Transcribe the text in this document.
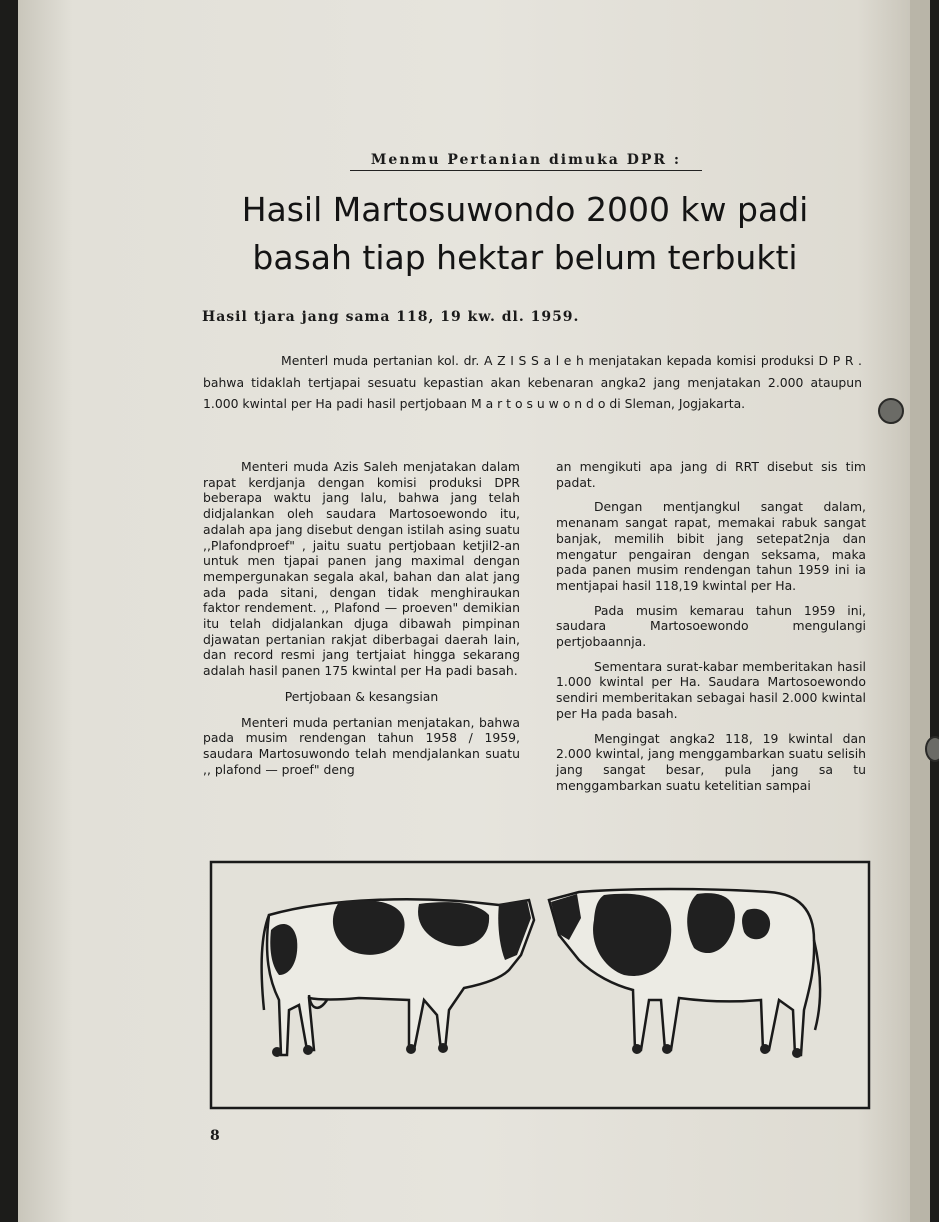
Menmu Pertanian dimuka DPR :
Hasil Martosuwondo 2000 kw padi
basah tiap hektar belum terbukti
Hasil tjara jang sama 118, 19 kw. dl. 1959.

Menterl muda pertanian kol. dr. A Z I S S a l e h menjatakan kepada komisi produksi D P R . bahwa tidaklah tertjapai sesuatu kepastian akan kebenaran angka2 jang menjatakan 2.000 ataupun 1.000 kwintal per Ha padi hasil pertjobaan M a r t o s u w o n d o di Sleman, Jogjakarta.

Menteri muda Azis Saleh menjatakan dalam rapat kerdjanja dengan komisi produksi DPR beberapa waktu jang lalu, bahwa jang telah didjalankan oleh saudara Martosoewondo itu, adalah apa jang disebut dengan istilah asing suatu ,,Plafondproef" , jaitu suatu pertjobaan ketjil2-an untuk men tjapai panen jang maximal dengan mempergunakan segala akal, bahan dan alat jang ada pada sitani, dengan tidak menghiraukan faktor rendement. ,, Plafond — proeven" demikian itu telah didjalankan djuga dibawah pimpinan djawatan pertanian rakjat diberbagai daerah lain, dan record resmi jang tertjaiat hingga sekarang adalah hasil panen 175 kwintal per Ha padi basah.

Pertjobaan & kesangsian

Menteri muda pertanian menjatakan, bahwa pada musim rendengan tahun 1958 / 1959, saudara Martosuwondo telah mendjalankan suatu ,, plafond — proef" deng

an mengikuti apa jang di RRT disebut sis tim padat.

Dengan mentjangkul sangat dalam, menanam sangat rapat, memakai rabuk sangat banjak, memilih bibit jang setepat2nja dan mengatur pengairan dengan seksama, maka pada panen musim rendengan tahun 1959 ini ia mentjapai hasil 118,19 kwintal per Ha.

Pada musim kemarau tahun 1959 ini, saudara Martosoewondo mengulangi pertjobaannja.

Sementara surat-kabar memberitakan hasil 1.000 kwintal per Ha. Saudara Martosoewondo sendiri memberitakan sebagai hasil 2.000 kwintal per Ha pada basah.

Mengingat angka2 118, 19 kwintal dan 2.000 kwintal, jang menggambarkan suatu selisih jang sangat besar, pula jang sa tu menggambarkan suatu ketelitian sampai

8
